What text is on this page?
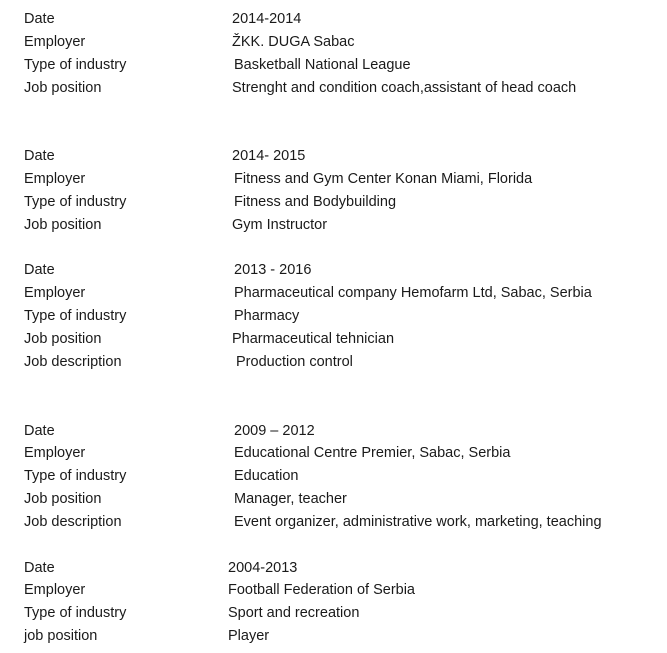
Date	2014-2014
Employer	ŽKK. DUGA Sabac
Type of industry	Basketball National League
Job position	Strenght and condition coach,assistant of head coach
Date	2014- 2015
Employer	Fitness and Gym Center Konan Miami, Florida
Type of industry	Fitness and Bodybuilding
Job position	Gym Instructor
Date	2013 - 2016
Employer	Pharmaceutical company Hemofarm Ltd, Sabac, Serbia
Type of industry	Pharmacy
Job position	Pharmaceutical tehnician
Job description	Production control
Date	2009 – 2012
Employer	Educational Centre Premier, Sabac, Serbia
Type of industry	Education
Job position	Manager, teacher
Job description	Event organizer, administrative work, marketing, teaching
Date	2004-2013
Employer	Football Federation of Serbia
Type of industry	Sport and recreation
job position	Player
